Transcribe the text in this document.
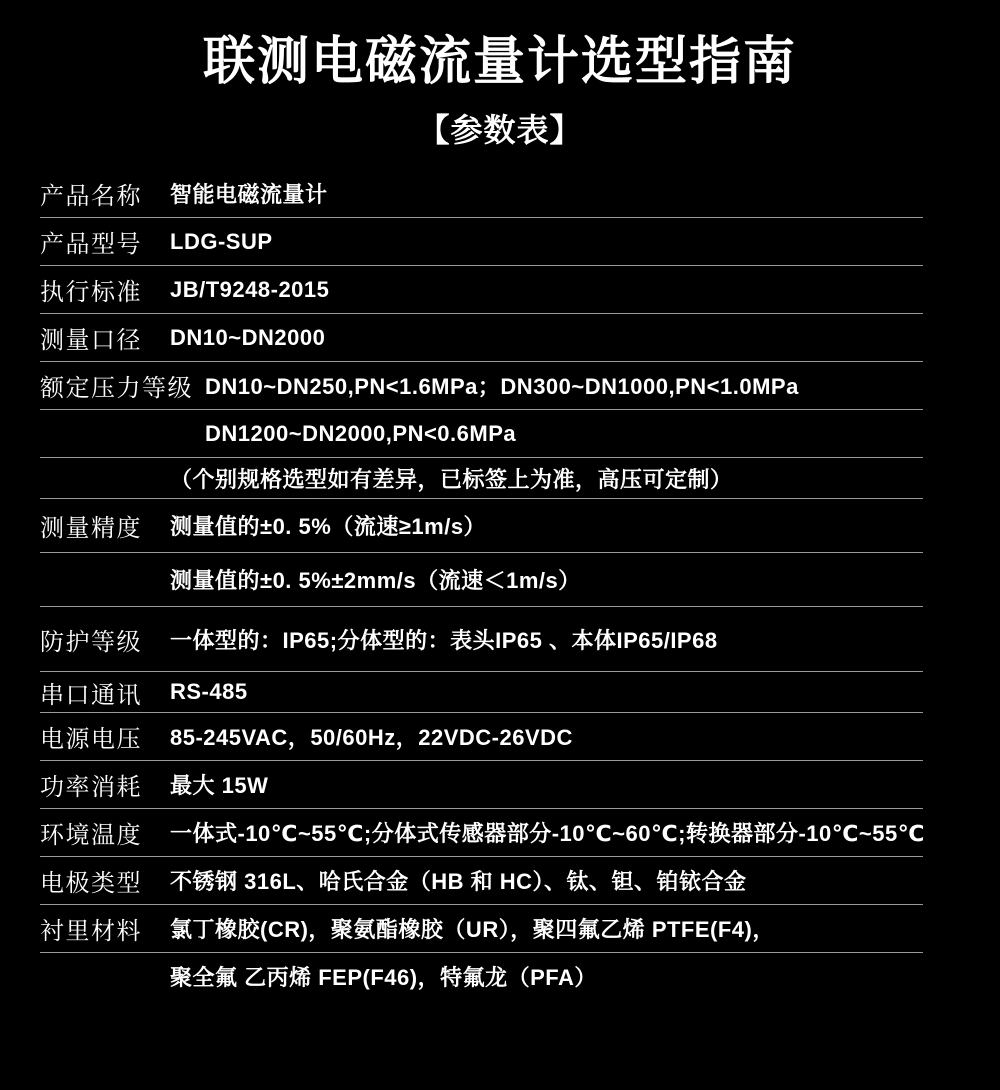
联测电磁流量计选型指南
【参数表】
产品名称	智能电磁流量计
产品型号	LDG-SUP
执行标准	JB/T9248-2015
测量口径	DN10~DN2000
额定压力等级 DN10~DN250,PN<1.6MPa；DN300~DN1000,PN<1.0MPa
DN1200~DN2000,PN<0.6MPa
（个别规格选型如有差异，已标签上为准，高压可定制）
测量精度	测量值的±0. 5%（流速≥1m/s）
测量值的±0. 5%±2mm/s（流速＜1m/s）
防护等级	一体型的：IP65;分体型的：表头IP65 、本体IP65/IP68
串口通讯	RS-485
电源电压	85-245VAC，50/60Hz，22VDC-26VDC
功率消耗	最大 15W
环境温度	一体式-10℃~55℃;分体式传感器部分-10℃~60℃;转换器部分-10℃~55℃
电极类型	不锈钢 316L、哈氏合金（HB 和 HC）、钛、钽、铂铱合金
衬里材料	氯丁橡胶(CR)，聚氨酯橡胶（UR），聚四氟乙烯 PTFE(F4)，
聚全氟 乙丙烯 FEP(F46)，特氟龙（PFA）
